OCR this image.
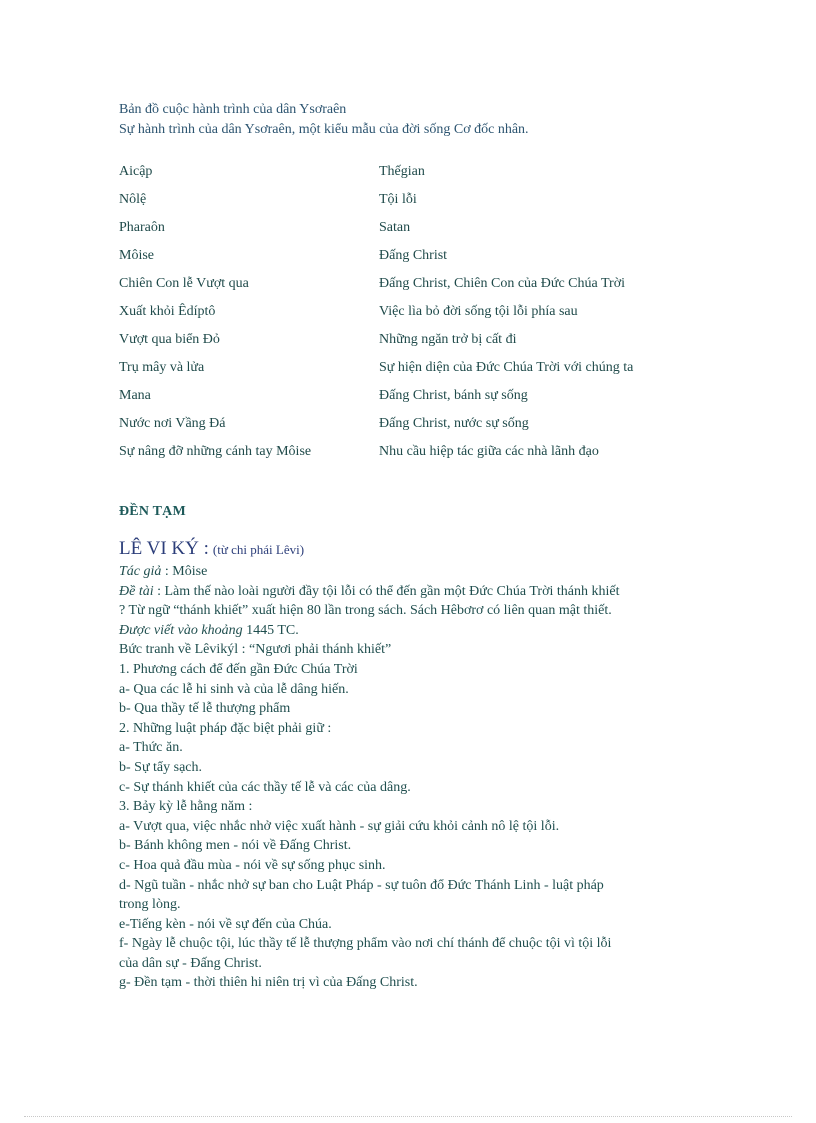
Bản đồ cuộc hành trình của dân Ysơraên
Sự hành trình của dân Ysơraên, một kiểu mẫu của đời sống Cơ đốc nhân.
Aicập	Thếgian
Nôlệ	Tội lỗi
Pharaôn	Satan
Môise	Đấng Christ
Chiên Con lễ Vượt qua	Đấng Christ, Chiên Con của Đức Chúa Trời
Xuất khỏi Êdíptô	Việc lìa bỏ đời sống tội lỗi phía sau
Vượt qua biển Đỏ	Những ngăn trở bị cất đi
Trụ mây và lửa	Sự hiện diện của Đức Chúa Trời với chúng ta
Mana	Đấng Christ, bánh sự sống
Nước nơi Vầng Đá	Đấng Christ, nước sự sống
Sự nâng đỡ những cánh tay Môise	Nhu cầu hiệp tác giữa các nhà lãnh đạo
ĐỀN TẠM
LÊ VI KÝ : (từ chi phái Lêvi)
Tác giả : Môise
Đề tài : Làm thế nào loài người đầy tội lỗi có thể đến gần một Đức Chúa Trời thánh khiết
? Từ ngữ “thánh khiết” xuất hiện 80 lần trong sách. Sách Hêbơrơ có liên quan mật thiết.
Được viết vào khoảng 1445 TC.
Bức tranh về Lêvikýl : “Ngươi phải thánh khiết”
1. Phương cách để đến gần Đức Chúa Trời
a- Qua các lễ hi sinh và của lễ dâng hiến.
b- Qua thầy tế lễ thượng phẩm
2. Những luật pháp đặc biệt phải giữ :
a- Thức ăn.
b- Sự tẩy sạch.
c- Sự thánh khiết của các thầy tế lễ và các của dâng.
3. Bảy kỳ lễ hằng năm :
a- Vượt qua, việc nhắc nhở việc xuất hành - sự giải cứu khỏi cảnh nô lệ tội lỗi.
b- Bánh không men - nói về Đấng Christ.
c- Hoa quả đầu mùa - nói về sự sống phục sinh.
d- Ngũ tuần - nhắc nhở sự ban cho Luật Pháp - sự tuôn đổ Đức Thánh Linh - luật pháp
trong lòng.
e-Tiếng kèn - nói về sự đến của Chúa.
f- Ngày lễ chuộc tội, lúc thầy tế lễ thượng phẩm vào nơi chí thánh để chuộc tội vì tội lỗi
của dân sự - Đấng Christ.
g- Đền tạm - thời thiên hi niên trị vì của Đấng Christ.
